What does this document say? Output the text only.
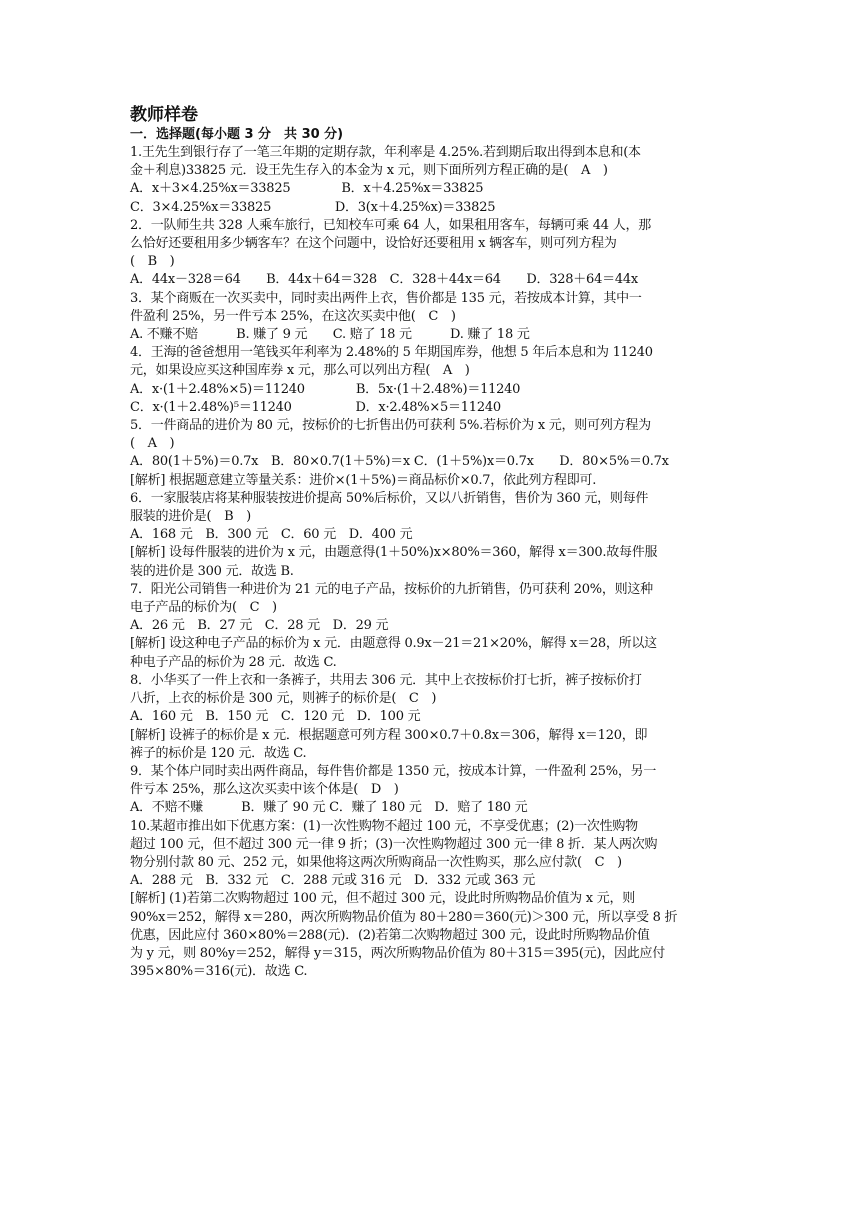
教师样卷
一．选择题(每小题 3 分　共 30 分)
1.王先生到银行存了一笔三年期的定期存款，年利率是 4.25%.若到期后取出得到本息和(本
金＋利息)33825 元．设王先生存入的本金为 x 元，则下面所列方程正确的是(　A　)
A．x＋3×4.25%x＝33825　　　　B．x＋4.25%x＝33825
C．3×4.25%x＝33825　　　　　D．3(x＋4.25%x)＝33825
2．一队师生共 328 人乘车旅行，已知校车可乘 64 人，如果租用客车，每辆可乘 44 人，那
么恰好还要租用多少辆客车？在这个问题中，设恰好还要租用 x 辆客车，则可列方程为
(　B　)
A．44x－328＝64　　B．44x＋64＝328　C．328＋44x＝64　　D．328＋64＝44x
3．某个商贩在一次买卖中，同时卖出两件上衣，售价都是 135 元，若按成本计算，其中一
件盈利 25%，另一件亏本 25%，在这次买卖中他(　C　)
A. 不赚不赔　　　B. 赚了 9 元　　C. 赔了 18 元　　　D. 赚了 18 元
4．王海的爸爸想用一笔钱买年利率为 2.48%的 5 年期国库券，他想 5 年后本息和为 11240
元，如果设应买这种国库券 x 元，那么可以列出方程(　A　)
A．x·(1＋2.48%×5)＝11240　　　　B．5x·(1＋2.48%)＝11240
C．x·(1＋2.48%)⁵＝11240　　　　　D．x·2.48%×5＝11240
5．一件商品的进价为 80 元，按标价的七折售出仍可获利 5%.若标价为 x 元，则可列方程为
(　A　)
A．80(1＋5%)＝0.7x　B．80×0.7(1＋5%)＝x C．(1＋5%)x＝0.7x　　D．80×5%＝0.7x
[解析] 根据题意建立等量关系：进价×(1＋5%)＝商品标价×0.7，依此列方程即可.
6．一家服装店将某种服装按进价提高 50%后标价，又以八折销售，售价为 360 元，则每件
服装的进价是(　B　)
A．168 元　B．300 元　C．60 元　D．400 元
[解析] 设每件服装的进价为 x 元，由题意得(1＋50%)x×80%＝360，解得 x＝300.故每件服
装的进价是 300 元．故选 B.
7．阳光公司销售一种进价为 21 元的电子产品，按标价的九折销售，仍可获利 20%，则这种
电子产品的标价为(　C　)
A．26 元　B．27 元　C．28 元　D．29 元
[解析] 设这种电子产品的标价为 x 元．由题意得 0.9x－21＝21×20%，解得 x＝28，所以这
种电子产品的标价为 28 元．故选 C.
8．小华买了一件上衣和一条裤子，共用去 306 元．其中上衣按标价打七折，裤子按标价打
八折，上衣的标价是 300 元，则裤子的标价是(　C　)
A．160 元　B．150 元　C．120 元　D．100 元
[解析] 设裤子的标价是 x 元．根据题意可列方程 300×0.7＋0.8x＝306，解得 x＝120，即
裤子的标价是 120 元．故选 C.
9．某个体户同时卖出两件商品，每件售价都是 1350 元，按成本计算，一件盈利 25%，另一
件亏本 25%，那么这次买卖中该个体是(　D　)
A．不赔不赚　　　B．赚了 90 元 C．赚了 180 元　D．赔了 180 元
10.某超市推出如下优惠方案：(1)一次性购物不超过 100 元，不享受优惠；(2)一次性购物
超过 100 元，但不超过 300 元一律 9 折；(3)一次性购物超过 300 元一律 8 折．某人两次购
物分别付款 80 元、252 元，如果他将这两次所购商品一次性购买，那么应付款(　C　)
A．288 元　B．332 元　C．288 元或 316 元　D．332 元或 363 元
[解析] (1)若第二次购物超过 100 元，但不超过 300 元，设此时所购物品价值为 x 元，则
90%x＝252，解得 x＝280，两次所购物品价值为 80＋280＝360(元)＞300 元，所以享受 8 折
优惠，因此应付 360×80%＝288(元)．(2)若第二次购物超过 300 元，设此时所购物品价值
为 y 元，则 80%y＝252，解得 y＝315，两次所购物品价值为 80＋315＝395(元)，因此应付
395×80%＝316(元)．故选 C.
